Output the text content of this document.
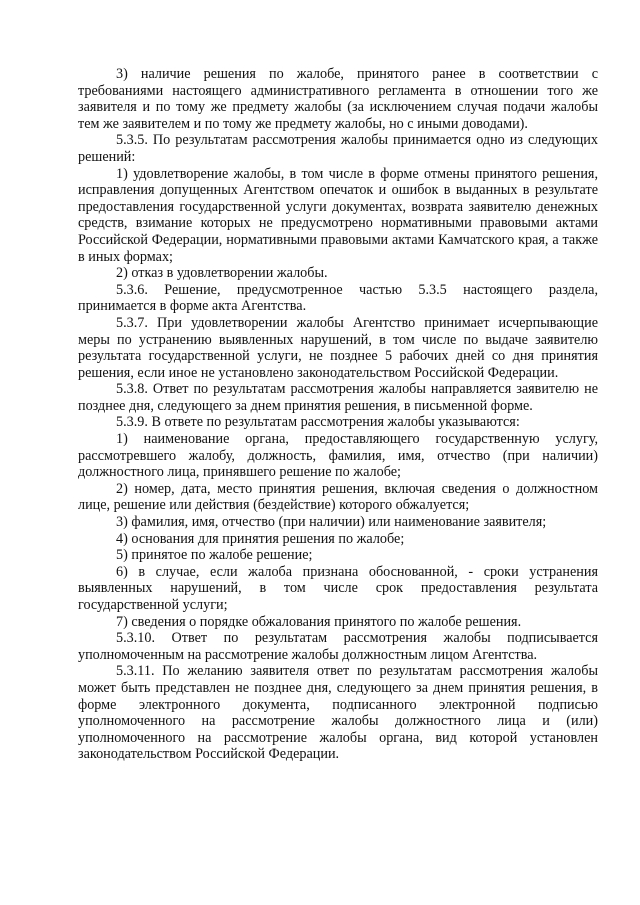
3) наличие решения по жалобе, принятого ранее в соответствии с требованиями настоящего административного регламента в отношении того же заявителя и по тому же предмету жалобы (за исключением случая подачи жалобы тем же заявителем и по тому же предмету жалобы, но с иными доводами).

5.3.5. По результатам рассмотрения жалобы принимается одно из следующих решений:

1) удовлетворение жалобы, в том числе в форме отмены принятого решения, исправления допущенных Агентством опечаток и ошибок в выданных в результате предоставления государственной услуги документах, возврата заявителю денежных средств, взимание которых не предусмотрено нормативными правовыми актами Российской Федерации, нормативными правовыми актами Камчатского края, а также в иных формах;

2) отказ в удовлетворении жалобы.

5.3.6. Решение, предусмотренное частью 5.3.5 настоящего раздела, принимается в форме акта Агентства.

5.3.7. При удовлетворении жалобы Агентство принимает исчерпывающие меры по устранению выявленных нарушений, в том числе по выдаче заявителю результата государственной услуги, не позднее 5 рабочих дней со дня принятия решения, если иное не установлено законодательством Российской Федерации.

5.3.8. Ответ по результатам рассмотрения жалобы направляется заявителю не позднее дня, следующего за днем принятия решения, в письменной форме.

5.3.9. В ответе по результатам рассмотрения жалобы указываются:

1) наименование органа, предоставляющего государственную услугу, рассмотревшего жалобу, должность, фамилия, имя, отчество (при наличии) должностного лица, принявшего решение по жалобе;

2) номер, дата, место принятия решения, включая сведения о должностном лице, решение или действия (бездействие) которого обжалуется;

3) фамилия, имя, отчество (при наличии) или наименование заявителя;

4) основания для принятия решения по жалобе;

5) принятое по жалобе решение;

6) в случае, если жалоба признана обоснованной, - сроки устранения выявленных нарушений, в том числе срок предоставления результата государственной услуги;

7) сведения о порядке обжалования принятого по жалобе решения.

5.3.10. Ответ по результатам рассмотрения жалобы подписывается уполномоченным на рассмотрение жалобы должностным лицом Агентства.

5.3.11. По желанию заявителя ответ по результатам рассмотрения жалобы может быть представлен не позднее дня, следующего за днем принятия решения, в форме электронного документа, подписанного электронной подписью уполномоченного на рассмотрение жалобы должностного лица и (или) уполномоченного на рассмотрение жалобы органа, вид которой установлен законодательством Российской Федерации.
